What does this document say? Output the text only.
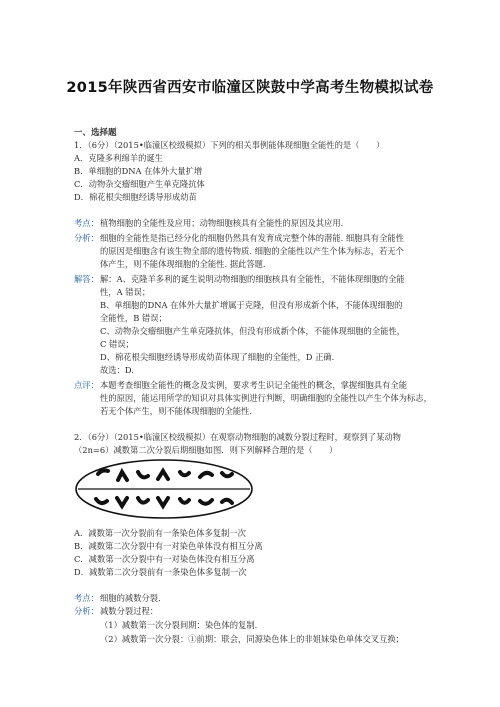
2015年陕西省西安市临潼区陕鼓中学高考生物模拟试卷
一、选择题
1．（6分）（2015•临潼区校级模拟）下列的相关事例能体现细胞全能性的是（　　）
A．克隆多利绵羊的诞生
B．单细胞的DNA 在体外大量扩增
C．动物杂交瘤细胞产生单克隆抗体
D．棉花根尖细胞经诱导形成幼苗
考点： 植物细胞的全能性及应用；动物细胞核具有全能性的原因及其应用.
分析： 细胞的全能性是指已经分化的细胞仍然具有发育成完整个体的潜能. 细胞具有全能性
的原因是细胞含有该生物全部的遗传物质. 细胞的全能性以产生个体为标志，若无个
体产生，则不能体现细胞的全能性. 据此答题.
解答： 解：A、克隆羊多利的诞生说明动物细胞的细胞核具有全能性，不能体现细胞的全能
性，A 错误；
B、单细胞的DNA 在体外大量扩增属于克隆，但没有形成新个体，不能体现细胞的
全能性，B 错误；
C、动物杂交瘤细胞产生单克隆抗体，但没有形成新个体，不能体现细胞的全能性，
C 错误；
D、棉花根尖细胞经诱导形成幼苗体现了细胞的全能性，D 正确.
故选：D.
点评： 本题考查细胞全能性的概念及实例，要求考生识记全能性的概念，掌握细胞具有全能
性的原因，能运用所学的知识对具体实例进行判断，明确细胞的全能性以产生个体为标志，
若无个体产生，则不能体现细胞的全能性.
2．（6分）（2015•临潼区校级模拟）在观察动物细胞的减数分裂过程时，观察到了某动物
（2n=6）减数第二次分裂后期细胞如图．则下列解释合理的是（　　）
A．减数第一次分裂前有一条染色体多复制一次
B．减数第二次分裂中有一对染色单体没有相互分离
C．减数第一次分裂中有一对染色体没有相互分离
D．减数第二次分裂前有一条染色体多复制一次
考点： 细胞的减数分裂.
分析： 减数分裂过程：
（1）减数第一次分裂间期：染色体的复制.
（2）减数第一次分裂：①前期：联会，同源染色体上的非姐妹染色单体交叉互换；
